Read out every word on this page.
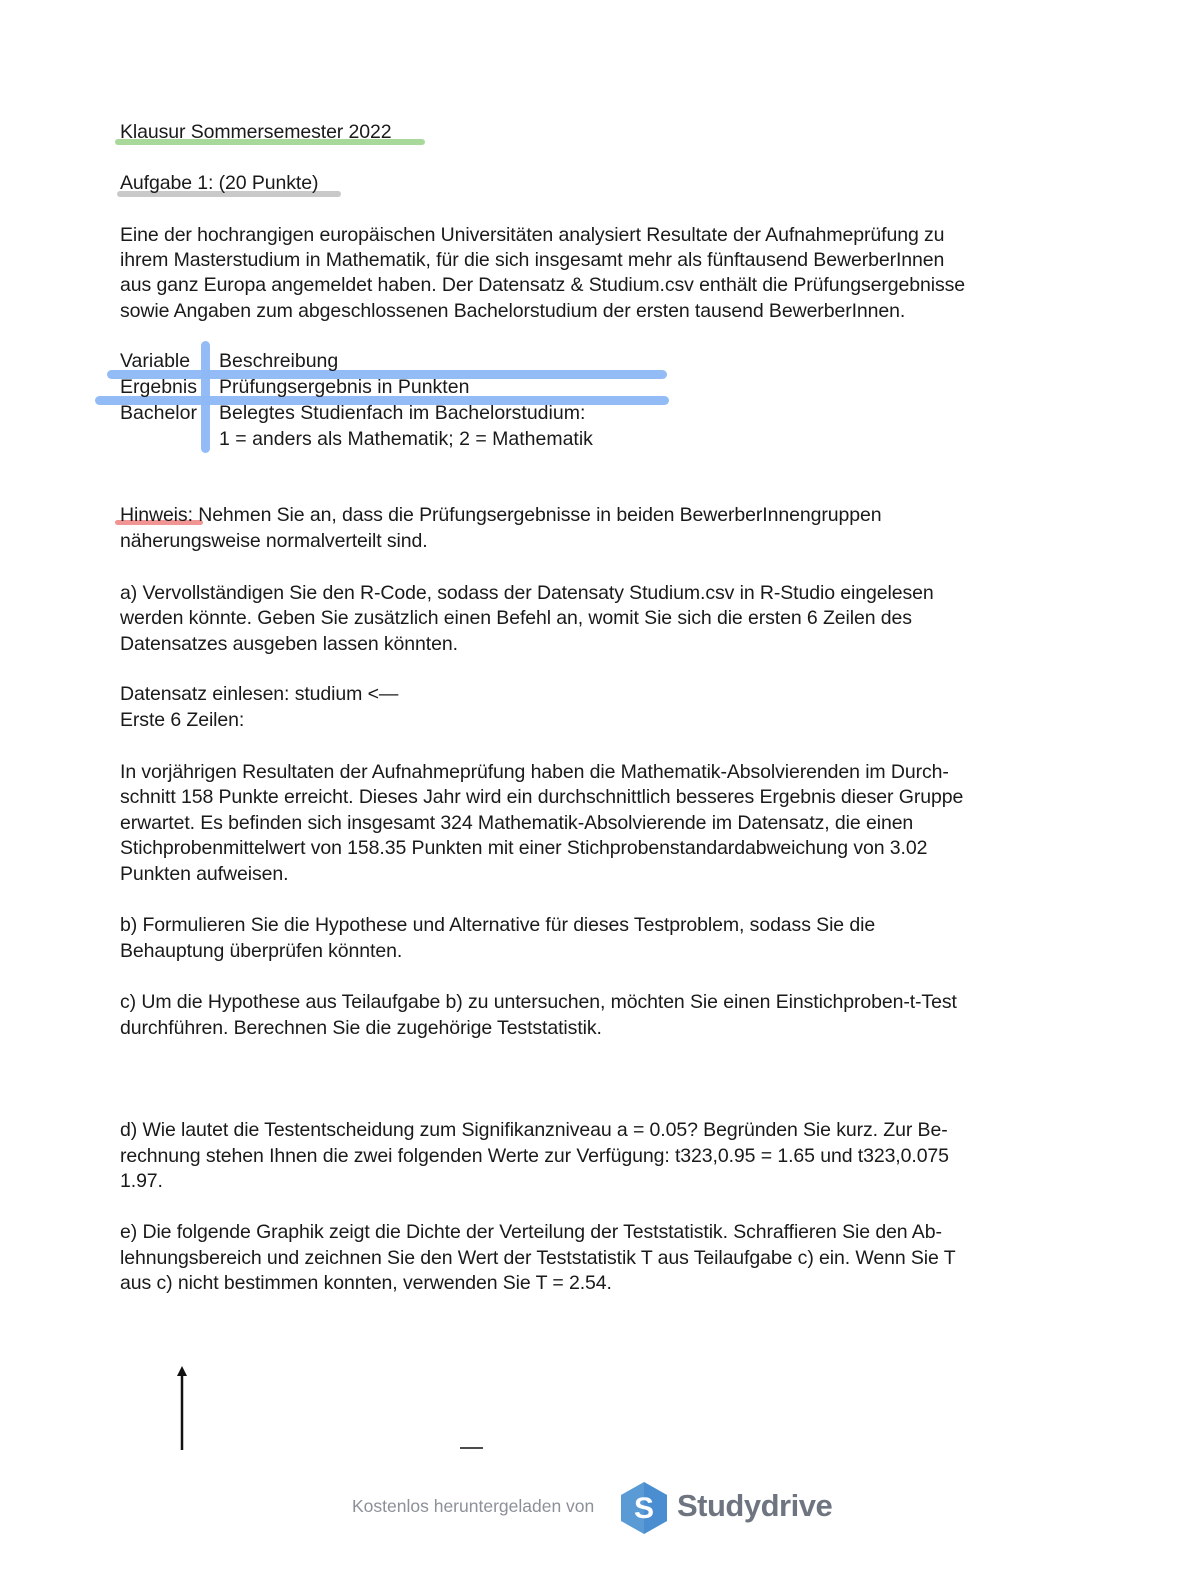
Klausur Sommersemester 2022
Aufgabe 1: (20 Punkte)
Eine der hochrangigen europäischen Universitäten analysiert Resultate der Aufnahmeprüfung zu
ihrem Masterstudium in Mathematik, für die sich insgesamt mehr als fünftausend BewerberInnen
aus ganz Europa angemeldet haben. Der Datensatz & Studium.csv enthält die Prüfungsergebnisse
sowie Angaben zum abgeschlossenen Bachelorstudium der ersten tausend BewerberInnen.
Variable Beschreibung
Ergebnis Prüfungsergebnis in Punkten
Bachelor Belegtes Studienfach im Bachelorstudium:
1 = anders als Mathematik; 2 = Mathematik
Hinweis: Nehmen Sie an, dass die Prüfungsergebnisse in beiden BewerberInnengruppen
näherungsweise normalverteilt sind.
a) Vervollständigen Sie den R-Code, sodass der Datensaty Studium.csv in R-Studio eingelesen
werden könnte. Geben Sie zusätzlich einen Befehl an, womit Sie sich die ersten 6 Zeilen des
Datensatzes ausgeben lassen könnten.
Datensatz einlesen: studium <—
Erste 6 Zeilen:
In vorjährigen Resultaten der Aufnahmeprüfung haben die Mathematik-Absolvierenden im Durch-
schnitt 158 Punkte erreicht. Dieses Jahr wird ein durchschnittlich besseres Ergebnis dieser Gruppe
erwartet. Es befinden sich insgesamt 324 Mathematik-Absolvierende im Datensatz, die einen
Stichprobenmittelwert von 158.35 Punkten mit einer Stichprobenstandardabweichung von 3.02
Punkten aufweisen.
b) Formulieren Sie die Hypothese und Alternative für dieses Testproblem, sodass Sie die
Behauptung überprüfen könnten.
c) Um die Hypothese aus Teilaufgabe b) zu untersuchen, möchten Sie einen Einstichproben-t-Test
durchführen. Berechnen Sie die zugehörige Teststatistik.
d) Wie lautet die Testentscheidung zum Signifikanzniveau a = 0.05? Begründen Sie kurz. Zur Be-
rechnung stehen Ihnen die zwei folgenden Werte zur Verfügung: t323,0.95 = 1.65 und t323,0.075
1.97.
e) Die folgende Graphik zeigt die Dichte der Verteilung der Teststatistik. Schraffieren Sie den Ab-
lehnungsbereich und zeichnen Sie den Wert der Teststatistik T aus Teilaufgabe c) ein. Wenn Sie T
aus c) nicht bestimmen konnten, verwenden Sie T = 2.54.
Kostenlos heruntergeladen von S Studydrive
